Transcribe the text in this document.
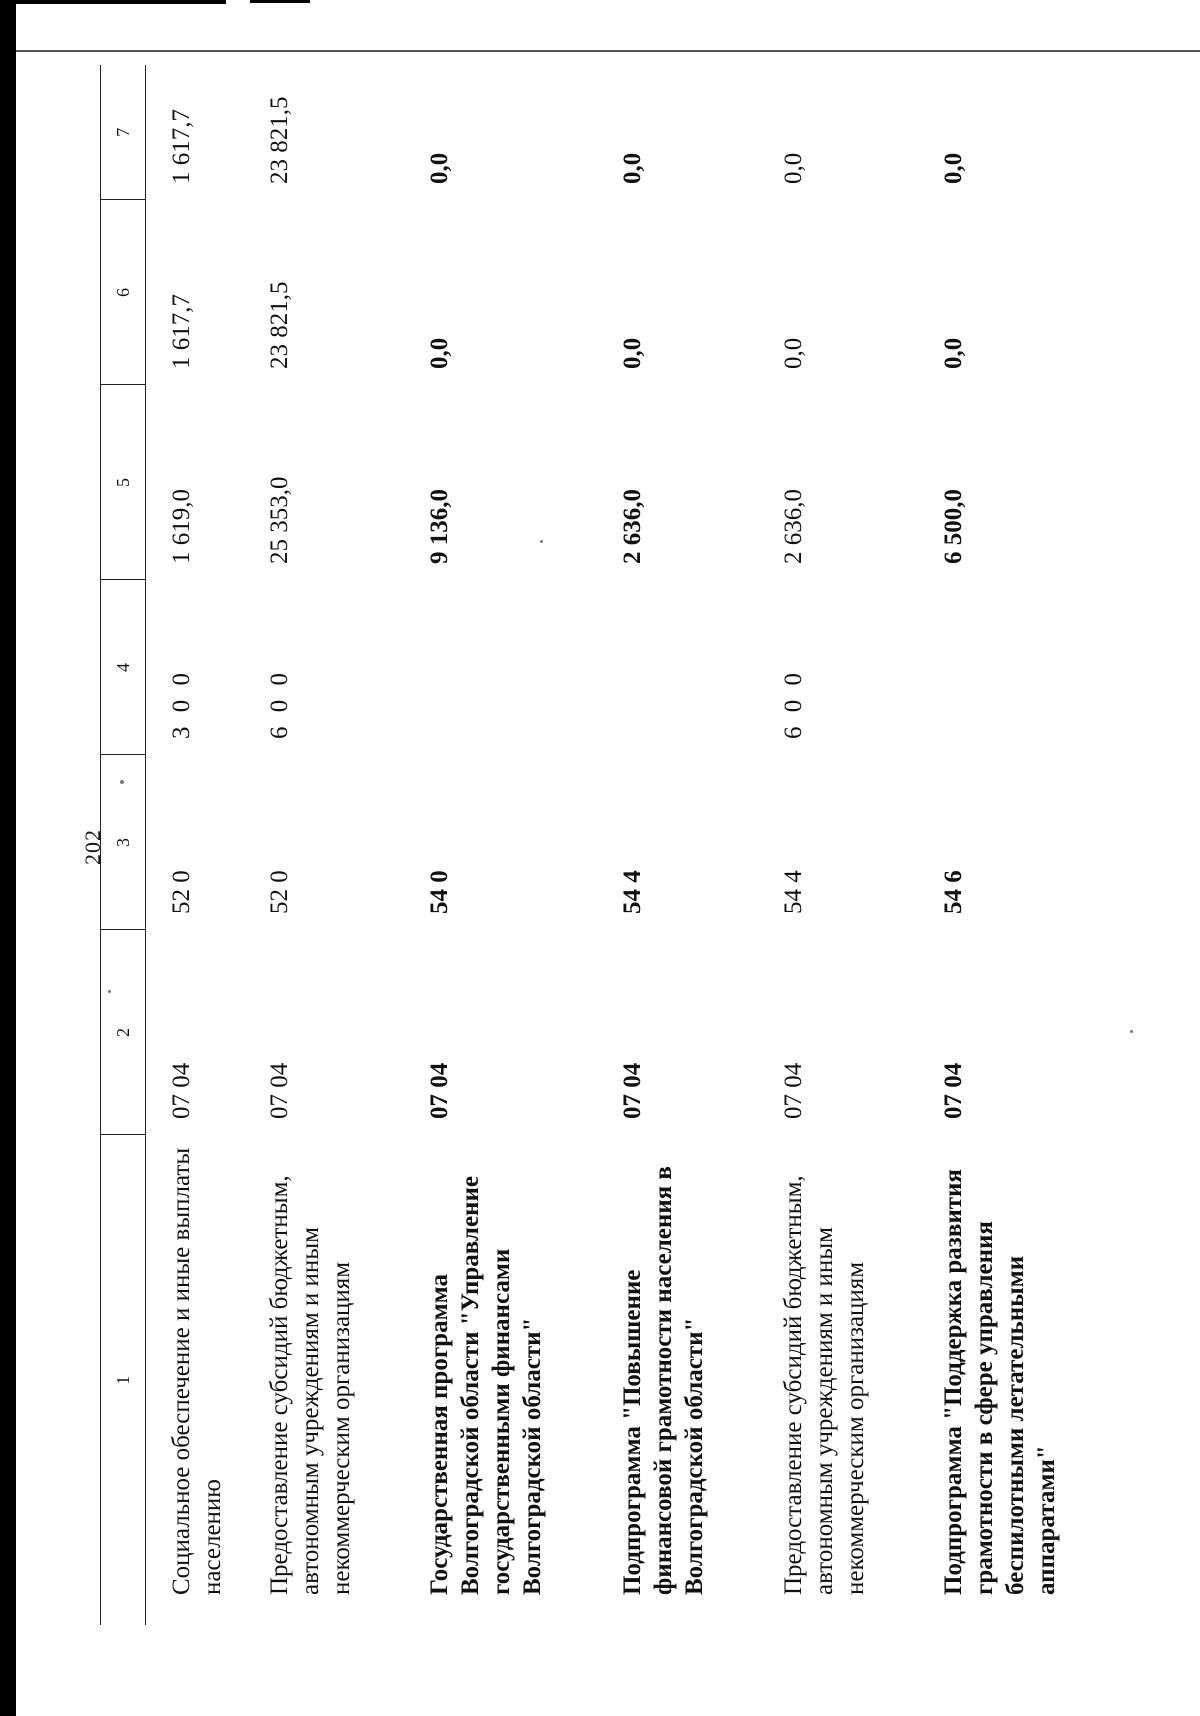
202
1	2	3	4	5	6	7
Социальное обеспечение и иные выплаты населению	07 04	52 0	3 0 0	1 619,0	1 617,7	1 617,7
Предоставление субсидий бюджетным, автономным учреждениям и иным некоммерческим организациям	07 04	52 0	6 0 0	25 353,0	23 821,5	23 821,5
Государственная программа Волгоградской области "Управление государственными финансами Волгоградской области"	07 04	54 0		9 136,0	0,0	0,0
Подпрограмма "Повышение финансовой грамотности населения в Волгоградской области"	07 04	54 4		2 636,0	0,0	0,0
Предоставление субсидий бюджетным, автономным учреждениям и иным некоммерческим организациям	07 04	54 4	6 0 0	2 636,0	0,0	0,0
Подпрограмма "Поддержка развития грамотности в сфере управления беспилотными летательными аппаратами"	07 04	54 6		6 500,0	0,0	0,0
